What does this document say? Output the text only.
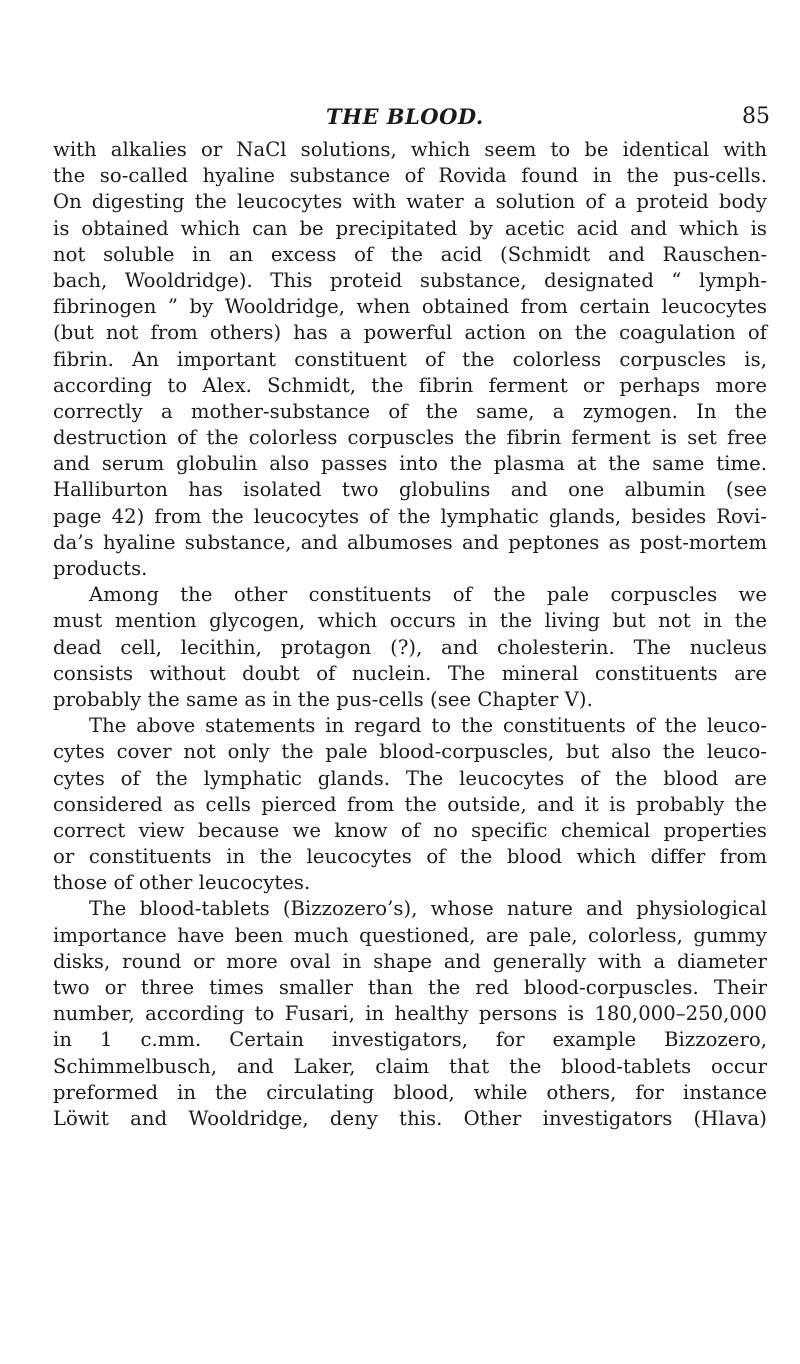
THE BLOOD.	85
with alkalies or NaCl solutions, which seem to be identical with
the so-called hyaline substance of Rovida found in the pus-cells.
On digesting the leucocytes with water a solution of a proteid body
is obtained which can be precipitated by acetic acid and which is
not soluble in an excess of the acid (Schmidt and Rauschen-
bach, Wooldridge). This proteid substance, designated “ lymph-
fibrinogen ” by Wooldridge, when obtained from certain leucocytes
(but not from others) has a powerful action on the coagulation of
fibrin. An important constituent of the colorless corpuscles is,
according to Alex. Schmidt, the fibrin ferment or perhaps more
correctly a mother-substance of the same, a zymogen. In the
destruction of the colorless corpuscles the fibrin ferment is set free
and serum globulin also passes into the plasma at the same time.
Halliburton has isolated two globulins and one albumin (see
page 42) from the leucocytes of the lymphatic glands, besides Rovi-
da’s hyaline substance, and albumoses and peptones as post-mortem
products.
Among the other constituents of the pale corpuscles we
must mention glycogen, which occurs in the living but not in the
dead cell, lecithin, protagon (?), and cholesterin. The nucleus
consists without doubt of nuclein. The mineral constituents are
probably the same as in the pus-cells (see Chapter V).
The above statements in regard to the constituents of the leuco-
cytes cover not only the pale blood-corpuscles, but also the leuco-
cytes of the lymphatic glands. The leucocytes of the blood are
considered as cells pierced from the outside, and it is probably the
correct view because we know of no specific chemical properties
or constituents in the leucocytes of the blood which differ from
those of other leucocytes.
The blood-tablets (Bizzozero’s), whose nature and physiological
importance have been much questioned, are pale, colorless, gummy
disks, round or more oval in shape and generally with a diameter
two or three times smaller than the red blood-corpuscles. Their
number, according to Fusari, in healthy persons is 180,000–250,000
in 1 c.mm. Certain investigators, for example Bizzozero,
Schimmelbusch, and Laker, claim that the blood-tablets occur
preformed in the circulating blood, while others, for instance
Löwit and Wooldridge, deny this. Other investigators (Hlava)
